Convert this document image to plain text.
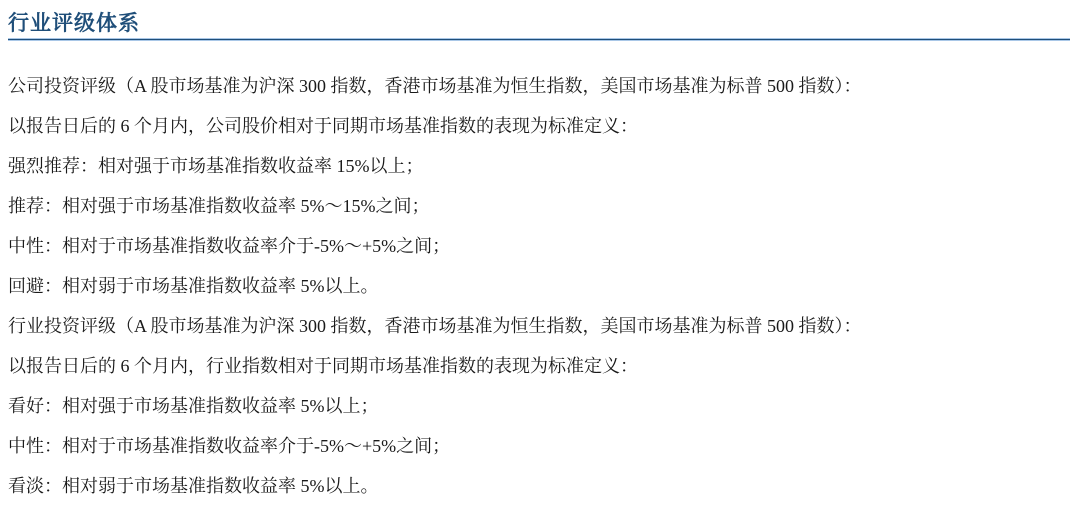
行业评级体系

公司投资评级（A 股市场基准为沪深 300 指数，香港市场基准为恒生指数，美国市场基准为标普 500 指数）：

以报告日后的 6 个月内，公司股价相对于同期市场基准指数的表现为标准定义：

强烈推荐：相对强于市场基准指数收益率 15%以上；

推荐：相对强于市场基准指数收益率 5%～15%之间；

中性：相对于市场基准指数收益率介于-5%～+5%之间；

回避：相对弱于市场基准指数收益率 5%以上。

行业投资评级（A 股市场基准为沪深 300 指数，香港市场基准为恒生指数，美国市场基准为标普 500 指数）：

以报告日后的 6 个月内，行业指数相对于同期市场基准指数的表现为标准定义：

看好：相对强于市场基准指数收益率 5%以上；

中性：相对于市场基准指数收益率介于-5%～+5%之间；

看淡：相对弱于市场基准指数收益率 5%以上。
